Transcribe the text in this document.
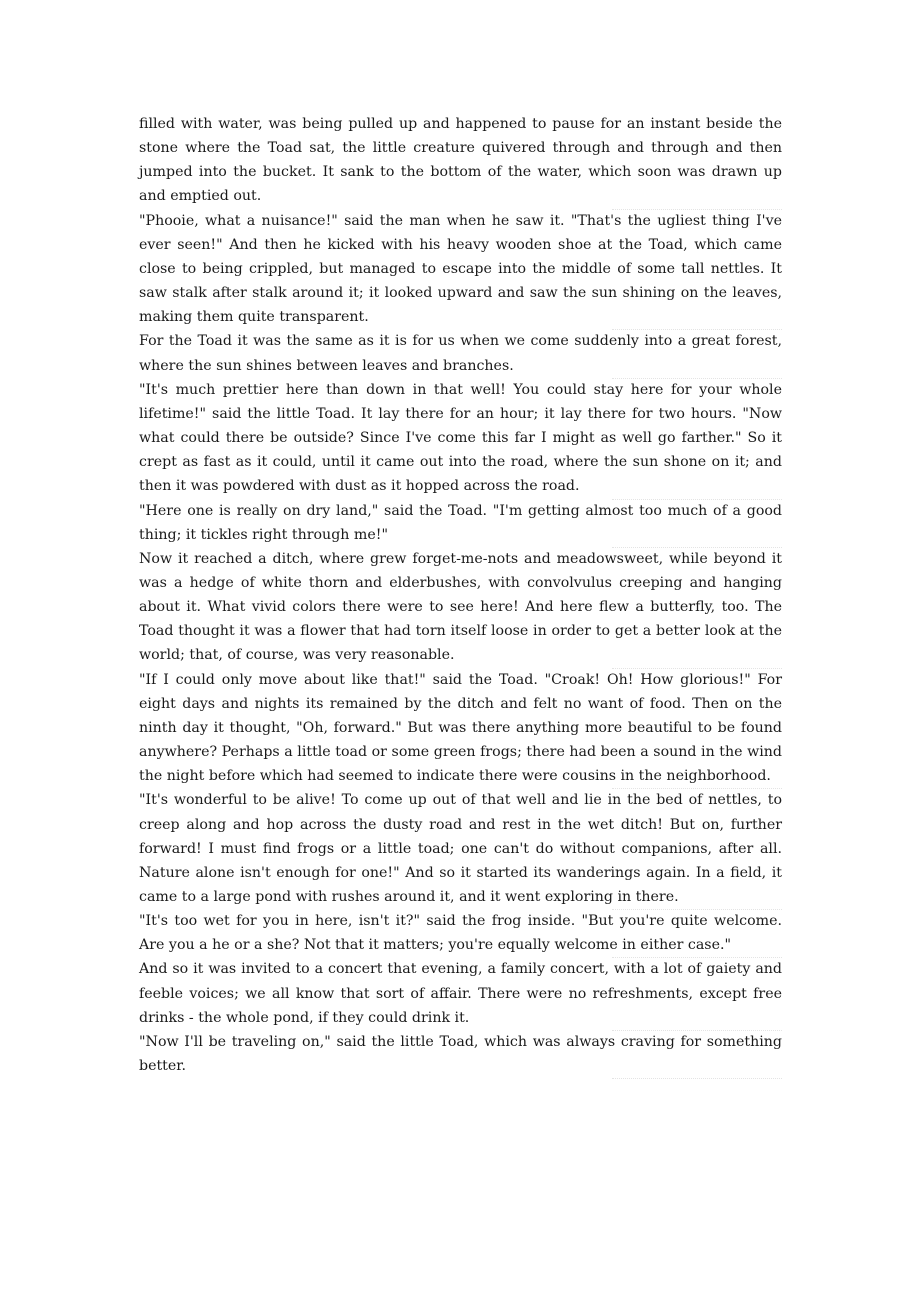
filled with water, was being pulled up and happened to pause for an instant beside the stone where the Toad sat, the little creature quivered through and through and then jumped into the bucket. It sank to the bottom of the water, which soon was drawn up and emptied out.

"Phooie, what a nuisance!" said the man when he saw it. "That's the ugliest thing I've ever seen!" And then he kicked with his heavy wooden shoe at the Toad, which came close to being crippled, but managed to escape into the middle of some tall nettles. It saw stalk after stalk around it; it looked upward and saw the sun shining on the leaves, making them quite transparent.

For the Toad it was the same as it is for us when we come suddenly into a great forest, where the sun shines between leaves and branches.

"It's much prettier here than down in that well! You could stay here for your whole lifetime!" said the little Toad. It lay there for an hour; it lay there for two hours. "Now what could there be outside? Since I've come this far I might as well go farther." So it crept as fast as it could, until it came out into the road, where the sun shone on it; and then it was powdered with dust as it hopped across the road.

"Here one is really on dry land," said the Toad. "I'm getting almost too much of a good thing; it tickles right through me!"

Now it reached a ditch, where grew forget-me-nots and meadowsweet, while beyond it was a hedge of white thorn and elderbushes, with convolvulus creeping and hanging about it. What vivid colors there were to see here! And here flew a butterfly, too. The Toad thought it was a flower that had torn itself loose in order to get a better look at the world; that, of course, was very reasonable.

"If I could only move about like that!" said the Toad. "Croak! Oh! How glorious!" For eight days and nights its remained by the ditch and felt no want of food. Then on the ninth day it thought, "Oh, forward." But was there anything more beautiful to be found anywhere? Perhaps a little toad or some green frogs; there had been a sound in the wind the night before which had seemed to indicate there were cousins in the neighborhood.

"It's wonderful to be alive! To come up out of that well and lie in the bed of nettles, to creep along and hop across the dusty road and rest in the wet ditch! But on, further forward! I must find frogs or a little toad; one can't do without companions, after all. Nature alone isn't enough for one!" And so it started its wanderings again. In a field, it came to a large pond with rushes around it, and it went exploring in there.

"It's too wet for you in here, isn't it?" said the frog inside. "But you're quite welcome. Are you a he or a she? Not that it matters; you're equally welcome in either case."

And so it was invited to a concert that evening, a family concert, with a lot of gaiety and feeble voices; we all know that sort of affair. There were no refreshments, except free drinks - the whole pond, if they could drink it.

"Now I'll be traveling on," said the little Toad, which was always craving for something better.
